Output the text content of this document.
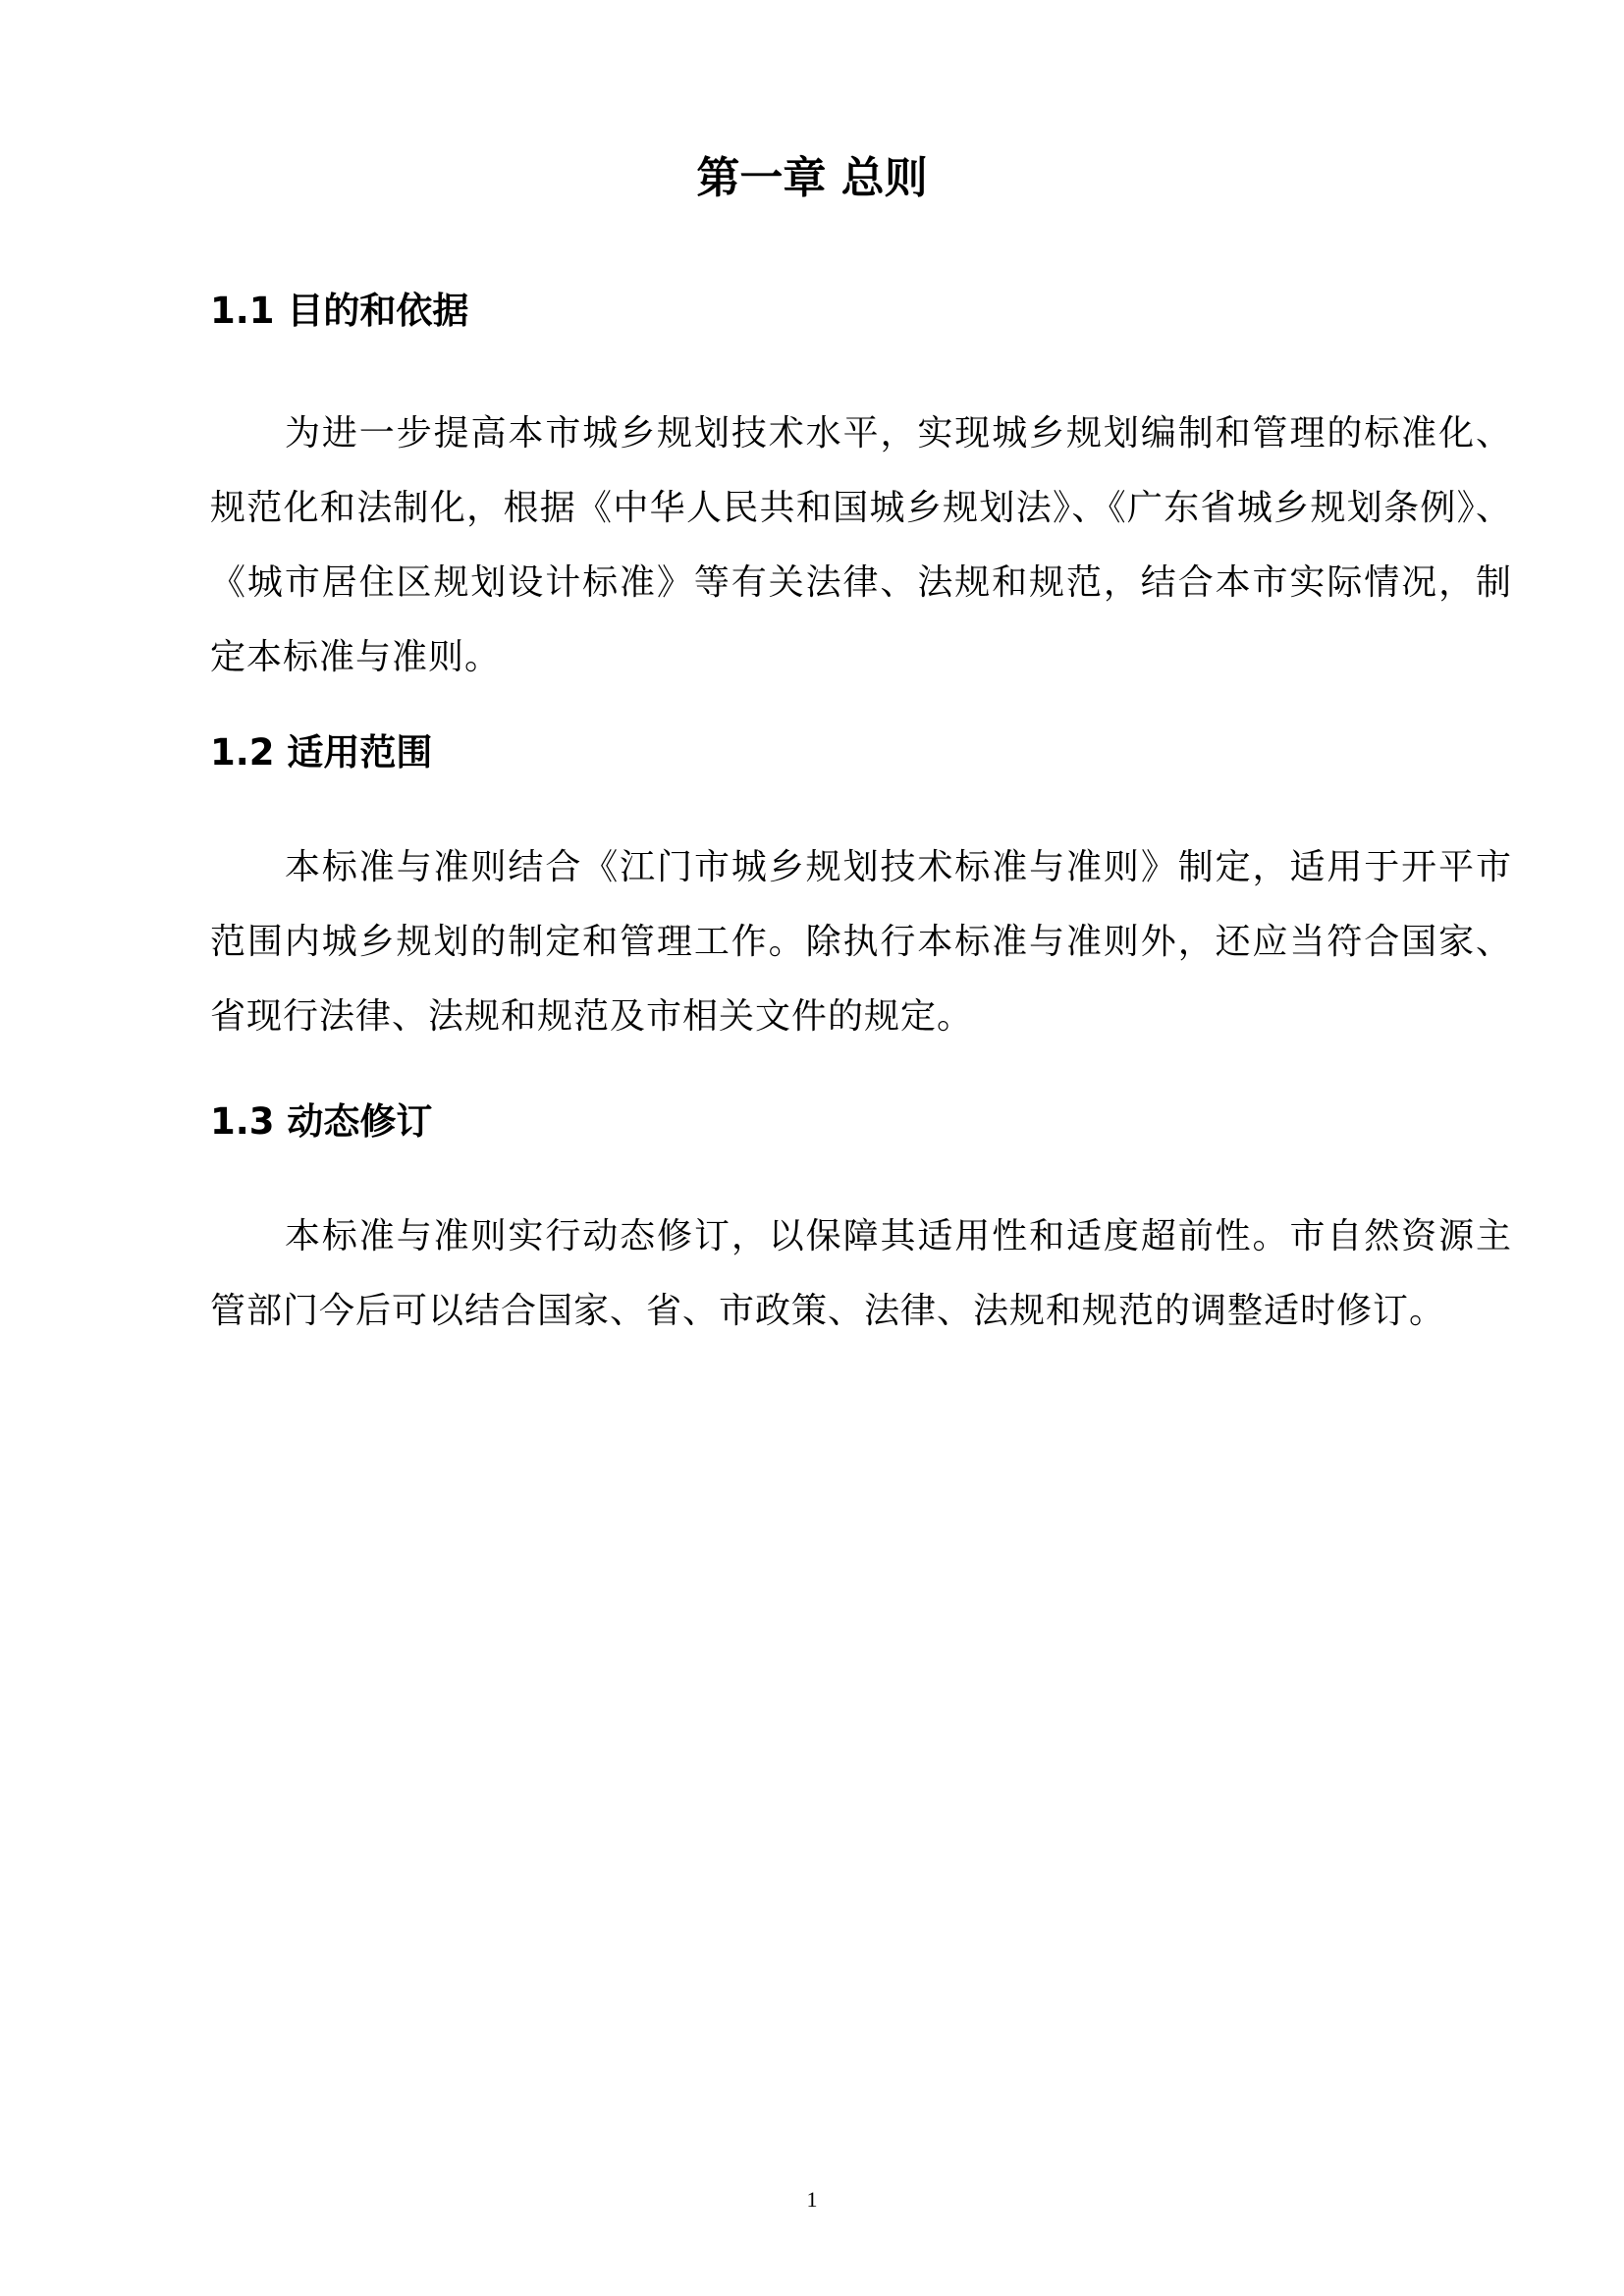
第一章 总则
1.1 目的和依据

为进一步提高本市城乡规划技术水平，实现城乡规划编制和管理的标准化、规范化和法制化，根据《中华人民共和国城乡规划法》、《广东省城乡规划条例》、《城市居住区规划设计标准》等有关法律、法规和规范，结合本市实际情况，制定本标准与准则。

1.2 适用范围

本标准与准则结合《江门市城乡规划技术标准与准则》制定，适用于开平市范围内城乡规划的制定和管理工作。除执行本标准与准则外，还应当符合国家、省现行法律、法规和规范及市相关文件的规定。

1.3 动态修订

本标准与准则实行动态修订，以保障其适用性和适度超前性。市自然资源主管部门今后可以结合国家、省、市政策、法律、法规和规范的调整适时修订。

1
